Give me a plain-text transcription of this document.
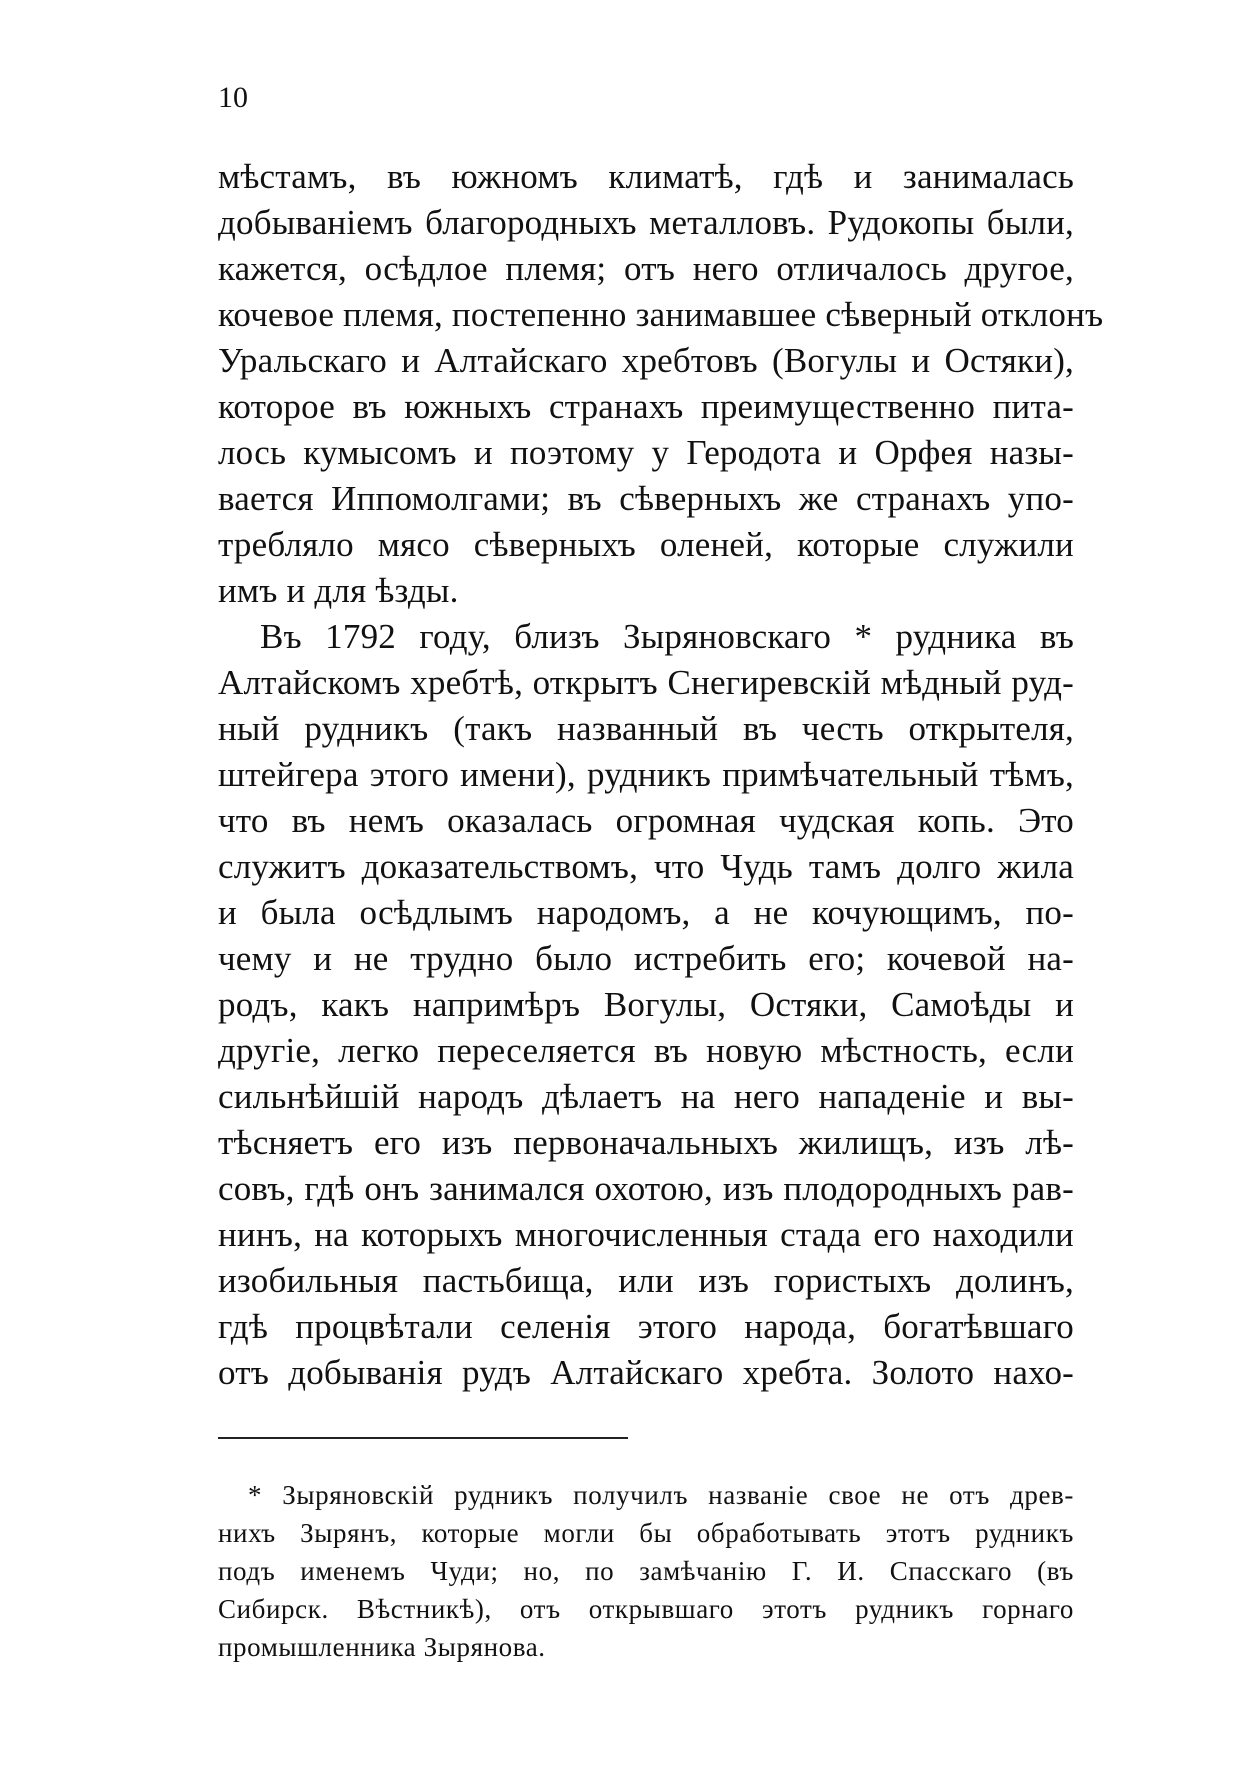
10
мѣстамъ, въ южномъ климатѣ, гдѣ и занималась
добываніемъ благородныхъ металловъ. Рудокопы были,
кажется, осѣдлое племя; отъ него отличалось другое,
кочевое племя, постепенно занимавшее сѣверный отклонъ
Уральскаго и Алтайскаго хребтовъ (Вогулы и Остяки),
которое въ южныхъ странахъ преимущественно пита-
лось кумысомъ и поэтому у Геродота и Орфея назы-
вается Иппомолгами; въ сѣверныхъ же странахъ упо-
требляло мясо сѣверныхъ оленей, которые служили
имъ и для ѣзды.
Въ 1792 году, близъ Зыряновскаго * рудника въ
Алтайскомъ хребтѣ, открытъ Снегиревскій мѣдный руд-
ный рудникъ (такъ названный въ честь открытеля,
штейгера этого имени), рудникъ примѣчательный тѣмъ,
что въ немъ оказалась огромная чудская копь. Это
служитъ доказательствомъ, что Чудь тамъ долго жила
и была осѣдлымъ народомъ, а не кочующимъ, по-
чему и не трудно было истребить его; кочевой на-
родъ, какъ напримѣръ Вогулы, Остяки, Самоѣды и
другіе, легко переселяется въ новую мѣстность, если
сильнѣйшій народъ дѣлаетъ на него нападеніе и вы-
тѣсняетъ его изъ первоначальныхъ жилищъ, изъ лѣ-
совъ, гдѣ онъ занимался охотою, изъ плодородныхъ рав-
нинъ, на которыхъ многочисленныя стада его находили
изобильныя пастьбища, или изъ гористыхъ долинъ,
гдѣ процвѣтали селенія этого народа, богатѣвшаго
отъ добыванія рудъ Алтайскаго хребта. Золото нахо-
* Зыряновскій рудникъ получилъ названіе свое не отъ древ-
нихъ Зырянъ, которые могли бы обработывать этотъ рудникъ
подъ именемъ Чуди; но, по замѣчанію Г. И. Спасскаго (въ
Сибирск. Вѣстникѣ), отъ открывшаго этотъ рудникъ горнаго
промышленника Зырянова.
